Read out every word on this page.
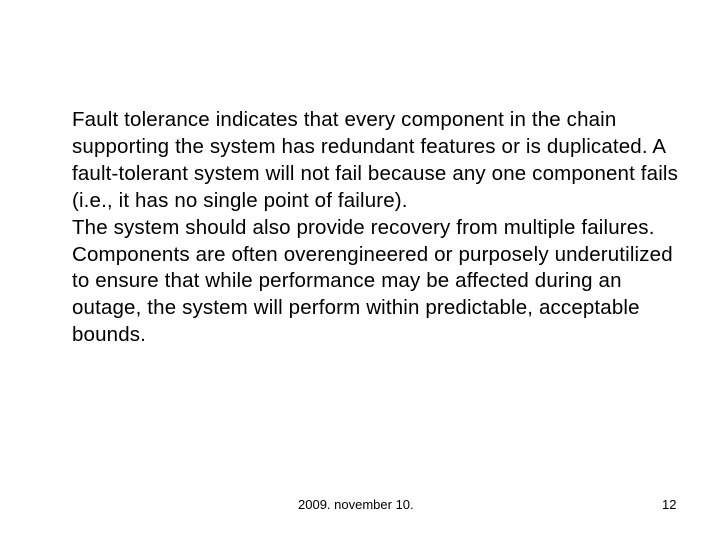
Fault tolerance indicates that every component in the chain supporting the system has redundant features or is duplicated. A fault-tolerant system will not fail because any one component fails (i.e., it has no single point of failure).

The system should also provide recovery from multiple failures.

Components are often overengineered or purposely underutilized to ensure that while performance may be affected during an outage, the system will perform within predictable, acceptable bounds.

2009. november 10.	12
